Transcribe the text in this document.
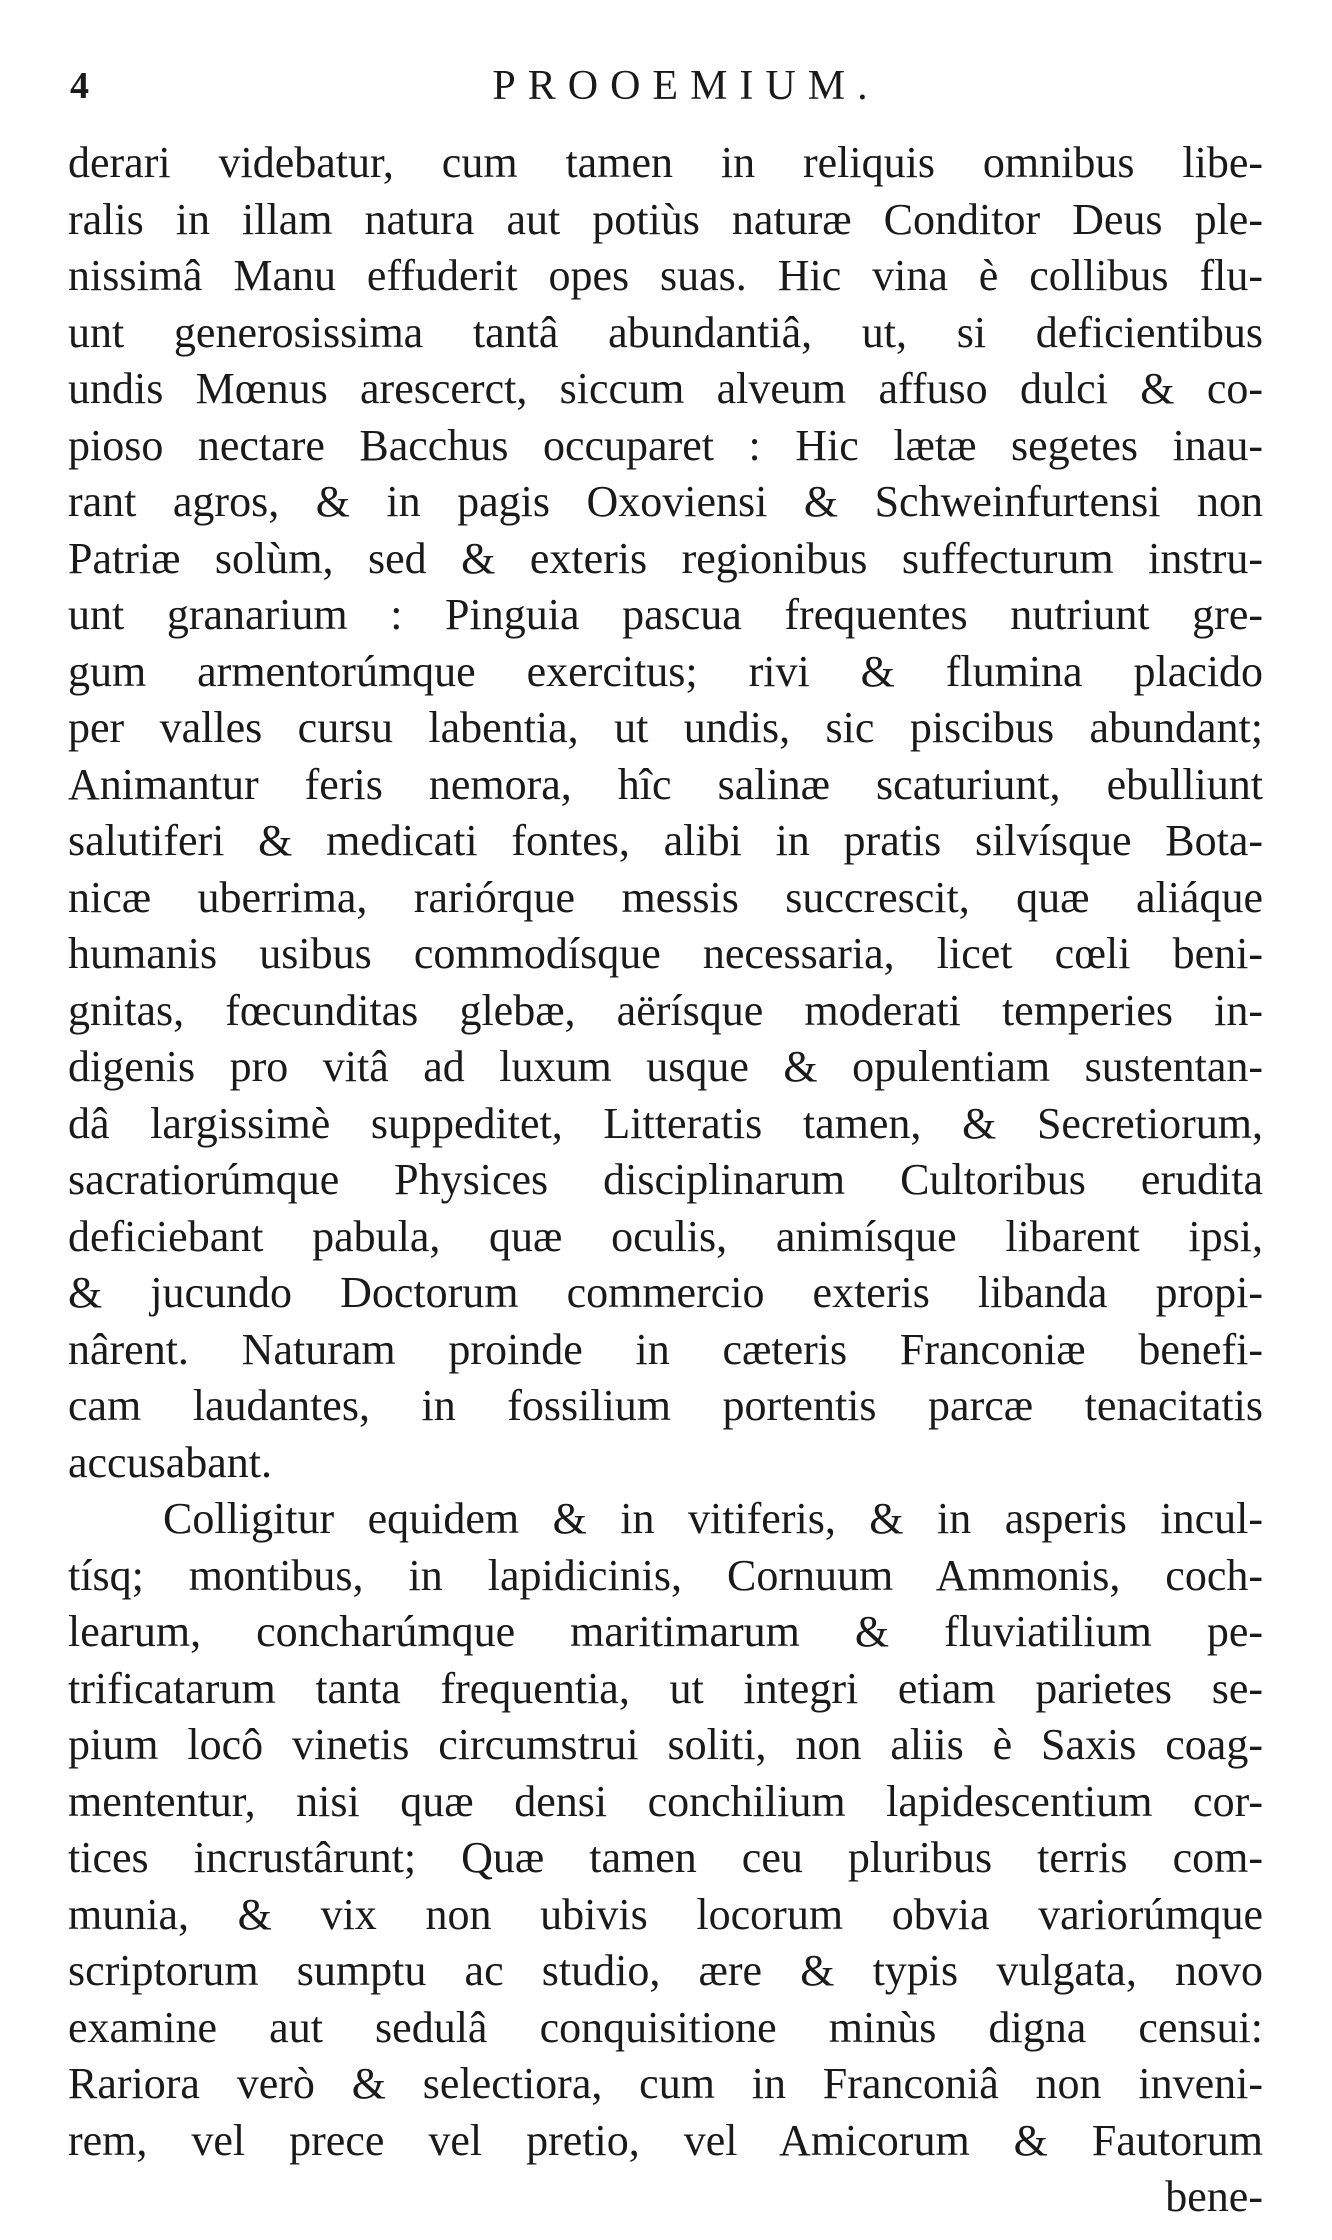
4	PROOEMIUM.
derari videbatur, cum tamen in reliquis omnibus libe-
ralis in illam natura aut potiùs naturæ Conditor Deus ple-
nissimâ Manu effuderit opes suas. Hic vina è collibus flu-
unt generosissima tantâ abundantiâ, ut, si deficientibus
undis Mœnus arescerct, siccum alveum affuso dulci & co-
pioso nectare Bacchus occuparet : Hic lætæ segetes inau-
rant agros, & in pagis Oxoviensi & Schweinfurtensi non
Patriæ solùm, sed & exteris regionibus suffecturum instru-
unt granarium : Pinguia pascua frequentes nutriunt gre-
gum armentorúmque exercitus; rivi & flumina placido
per valles cursu labentia, ut undis, sic piscibus abundant;
Animantur feris nemora, hîc salinæ scaturiunt, ebulliunt
salutiferi & medicati fontes, alibi in pratis silvísque Bota-
nicæ uberrima, rariórque messis succrescit, quæ aliáque
humanis usibus commodísque necessaria, licet cœli beni-
gnitas, fœcunditas glebæ, aërísque moderati temperies in-
digenis pro vitâ ad luxum usque & opulentiam sustentan-
dâ largissimè suppeditet, Litteratis tamen, & Secretiorum,
sacratiorúmque Physices disciplinarum Cultoribus erudita
deficiebant pabula, quæ oculis, animísque libarent ipsi,
& jucundo Doctorum commercio exteris libanda propi-
nârent. Naturam proinde in cæteris Franconiæ benefi-
cam laudantes, in fossilium portentis parcæ tenacitatis
accusabant.
Colligitur equidem & in vitiferis, & in asperis incul-
tísq; montibus, in lapidicinis, Cornuum Ammonis, coch-
learum, concharúmque maritimarum & fluviatilium pe-
trificatarum tanta frequentia, ut integri etiam parietes se-
pium locô vinetis circumstrui soliti, non aliis è Saxis coag-
mententur, nisi quæ densi conchilium lapidescentium cor-
tices incrustârunt; Quæ tamen ceu pluribus terris com-
munia, & vix non ubivis locorum obvia variorúmque
scriptorum sumptu ac studio, ære & typis vulgata, novo
examine aut sedulâ conquisitione minùs digna censui:
Rariora verò & selectiora, cum in Franconiâ non inveni-
rem, vel prece vel pretio, vel Amicorum & Fautorum
bene-
